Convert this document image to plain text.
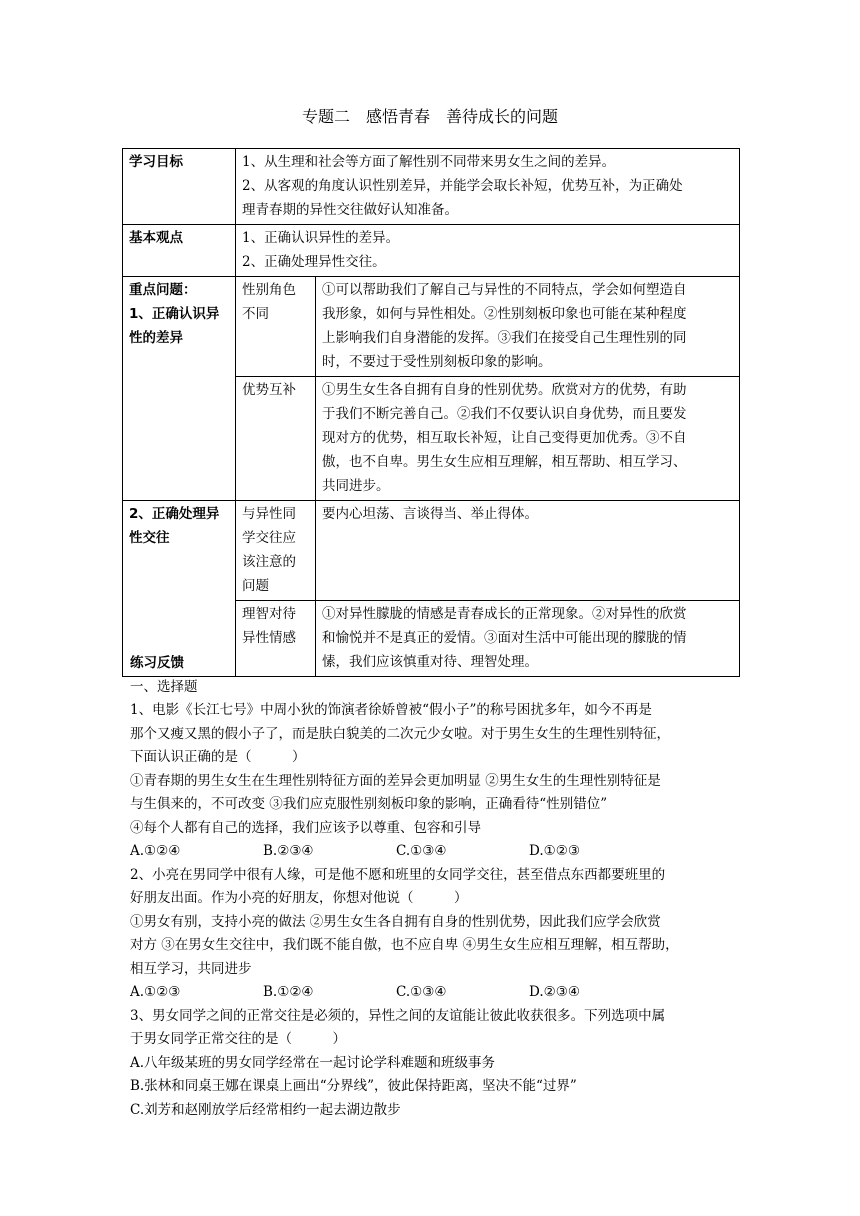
专题二　感悟青春　善待成长的问题
学习目标	1、从生理和社会等方面了解性别不同带来男女生之间的差异。
2、从客观的角度认识性别差异，并能学会取长补短，优势互补，为正确处
理青春期的异性交往做好认知准备。	

基本观点	1、正确认识异性的差异。
2、正确处理异性交往。	

重点问题：
1、正确认识异
性的差异	性别角色
不同	①可以帮助我们了解自己与异性的不同特点，学会如何塑造自
我形象，如何与异性相处。②性别刻板印象也可能在某种程度
上影响我们自身潜能的发挥。③我们在接受自己生理性别的同
时，不要过于受性别刻板印象的影响。

	优势互补	①男生女生各自拥有自身的性别优势。欣赏对方的优势，有助
于我们不断完善自己。②我们不仅要认识自身优势，而且要发
现对方的优势，相互取长补短，让自己变得更加优秀。③不自
傲，也不自卑。男生女生应相互理解，相互帮助、相互学习、
共同进步。

2、正确处理异
性交往	与异性同
学交往应
该注意的
问题	要内心坦荡、言谈得当、举止得体。

	理智对待
异性情感	①对异性朦胧的情感是青春成长的正常现象。②对异性的欣赏
和愉悦并不是真正的爱情。③面对生活中可能出现的朦胧的情
愫，我们应该慎重对待、理智处理。
练习反馈
一、选择题
1、电影《长江七号》中周小狄的饰演者徐娇曾被“假小子”的称号困扰多年，如今不再是
那个又瘦又黑的假小子了，而是肤白貌美的二次元少女啦。对于男生女生的生理性别特征，
下面认识正确的是（　　　）
①青春期的男生女生在生理性别特征方面的差异会更加明显 ②男生女生的生理性别特征是
与生俱来的，不可改变 ③我们应克服性别刻板印象的影响，正确看待“性别错位”
④每个人都有自己的选择，我们应该予以尊重、包容和引导
A.①②④	B.②③④	C.①③④	D.①②③
2、小亮在男同学中很有人缘，可是他不愿和班里的女同学交往，甚至借点东西都要班里的
好朋友出面。作为小亮的好朋友，你想对他说（　　　）
①男女有别，支持小亮的做法 ②男生女生各自拥有自身的性别优势，因此我们应学会欣赏
对方 ③在男女生交往中，我们既不能自傲，也不应自卑 ④男生女生应相互理解，相互帮助，
相互学习，共同进步
A.①②③	B.①②④	C.①③④	D.②③④
3、男女同学之间的正常交往是必须的，异性之间的友谊能让彼此收获很多。下列选项中属
于男女同学正常交往的是（　　　）
A.八年级某班的男女同学经常在一起讨论学科难题和班级事务
B.张林和同桌王娜在课桌上画出“分界线”，彼此保持距离，坚决不能“过界”
C.刘芳和赵刚放学后经常相约一起去湖边散步
